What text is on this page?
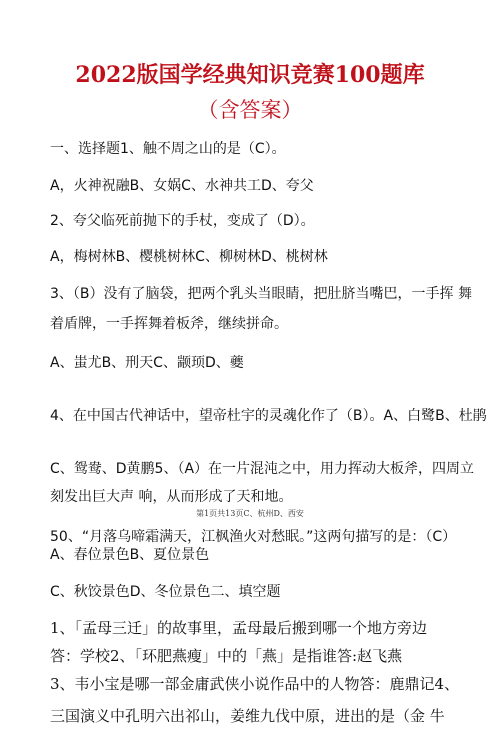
2022版国学经典知识竞赛100题库
（含答案）
一、选择题1、触不周之山的是（C）。
A，火神祝融B、女娲C、水神共工D、夸父
2、夸父临死前抛下的手杖，变成了（D）。
A，梅树林B、樱桃树林C、柳树林D、桃树林
3、（B）没有了脑袋，把两个乳头当眼睛，把肚脐当嘴巴，一手挥 舞
着盾牌，一手挥舞着板斧，继续拼命。
A、蚩尤B、刑天C、颛顼D、夔
4、在中国古代神话中，望帝杜宇的灵魂化作了（B）。A、白鹭B、杜鹃
C、鸳鸯、D黄鹏5、（A）在一片混沌之中，用力挥动大板斧，四周立
刻发出巨大声 响，从而形成了天和地。
第1页共13页C、杭州D、西安
50、“月落乌啼霜满天，江枫渔火对愁眠。”这两句描写的是：（C）
A、春位景色B、夏位景色
C、秋饺景色D、冬位景色二、填空题
1、「孟母三迁」的故事里，孟母最后搬到哪一个地方旁边
答：学校2、「环肥燕瘦」中的「燕」是指谁答:赵飞燕
3、韦小宝是哪一部金庸武侠小说作品中的人物答：鹿鼎记4、
三国演义中孔明六出祁山，姜维九伐中原，进出的是（金 牛
